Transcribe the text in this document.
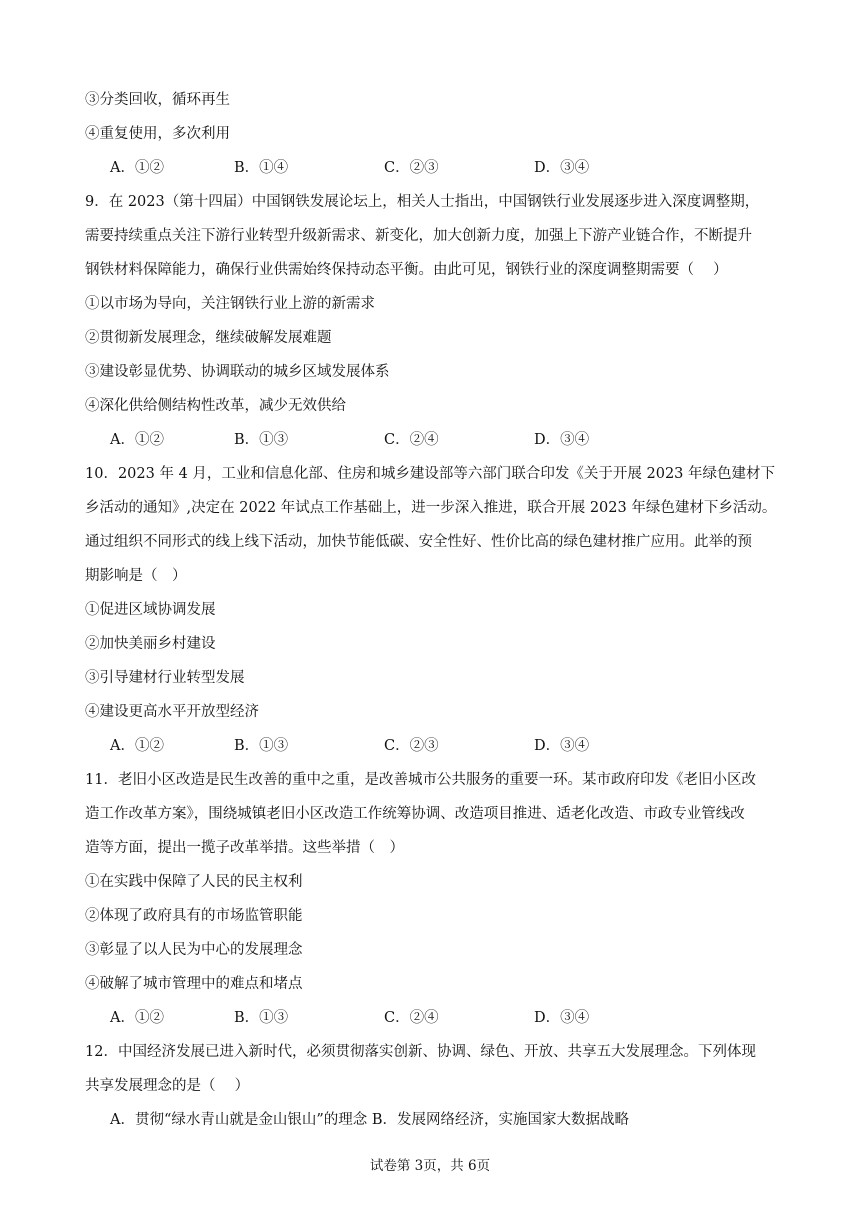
③分类回收，循环再生
④重复使用，多次利用
A．①②	B．①④	C．②③	D．③④
9．在 2023（第十四届）中国钢铁发展论坛上，相关人士指出，中国钢铁行业发展逐步进入深度调整期，
需要持续重点关注下游行业转型升级新需求、新变化，加大创新力度，加强上下游产业链合作，不断提升
钢铁材料保障能力，确保行业供需始终保持动态平衡。由此可见，钢铁行业的深度调整期需要（　 ）
①以市场为导向，关注钢铁行业上游的新需求
②贯彻新发展理念，继续破解发展难题
③建设彰显优势、协调联动的城乡区域发展体系
④深化供给侧结构性改革，减少无效供给
A．①②	B．①③	C．②④	D．③④
10．2023 年 4 月，工业和信息化部、住房和城乡建设部等六部门联合印发《关于开展 2023 年绿色建材下
乡活动的通知》,决定在 2022 年试点工作基础上，进一步深入推进，联合开展 2023 年绿色建材下乡活动。
通过组织不同形式的线上线下活动，加快节能低碳、安全性好、性价比高的绿色建材推广应用。此举的预
期影响是（　）
①促进区域协调发展
②加快美丽乡村建设
③引导建材行业转型发展
④建设更高水平开放型经济
A．①②	B．①③	C．②③	D．③④
11．老旧小区改造是民生改善的重中之重，是改善城市公共服务的重要一环。某市政府印发《老旧小区改
造工作改革方案》，围绕城镇老旧小区改造工作统筹协调、改造项目推进、适老化改造、市政专业管线改
造等方面，提出一揽子改革举措。这些举措（　）
①在实践中保障了人民的民主权利
②体现了政府具有的市场监管职能
③彰显了以人民为中心的发展理念
④破解了城市管理中的难点和堵点
A．①②	B．①③	C．②④	D．③④
12．中国经济发展已进入新时代，必须贯彻落实创新、协调、绿色、开放、共享五大发展理念。下列体现
共享发展理念的是（　 ）
A．贯彻“绿水青山就是金山银山”的理念 B．发展网络经济，实施国家大数据战略
试卷第 3页，共 6页
